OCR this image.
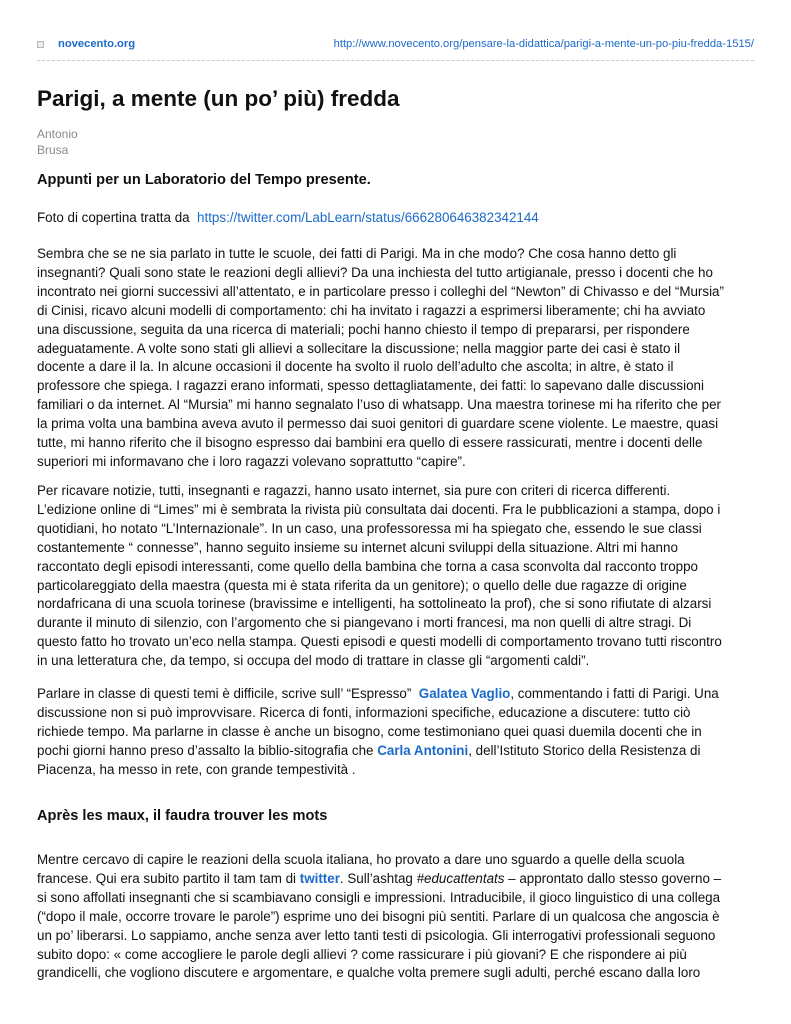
novecento.org	http://www.novecento.org/pensare-la-didattica/parigi-a-mente-un-po-piu-fredda-1515/
Parigi, a mente (un po’ più) fredda
Antonio
Brusa
Appunti per un Laboratorio del Tempo presente.

Foto di copertina tratta da https://twitter.com/LabLearn/status/666280646382342144

Sembra che se ne sia parlato in tutte le scuole, dei fatti di Parigi. Ma in che modo? Che cosa hanno detto gli
insegnanti? Quali sono state le reazioni degli allievi? Da una inchiesta del tutto artigianale, presso i docenti che ho
incontrato nei giorni successivi all’attentato, e in particolare presso i colleghi del “Newton” di Chivasso e del “Mursia”
di Cinisi, ricavo alcuni modelli di comportamento: chi ha invitato i ragazzi a esprimersi liberamente; chi ha avviato
una discussione, seguita da una ricerca di materiali; pochi hanno chiesto il tempo di prepararsi, per rispondere
adeguatamente. A volte sono stati gli allievi a sollecitare la discussione; nella maggior parte dei casi è stato il
docente a dare il la. In alcune occasioni il docente ha svolto il ruolo dell’adulto che ascolta; in altre, è stato il
professore che spiega. I ragazzi erano informati, spesso dettagliatamente, dei fatti: lo sapevano dalle discussioni
familiari o da internet. Al “Mursia” mi hanno segnalato l’uso di whatsapp. Una maestra torinese mi ha riferito che per
la prima volta una bambina aveva avuto il permesso dai suoi genitori di guardare scene violente. Le maestre, quasi
tutte, mi hanno riferito che il bisogno espresso dai bambini era quello di essere rassicurati, mentre i docenti delle
superiori mi informavano che i loro ragazzi volevano soprattutto “capire”.

Per ricavare notizie, tutti, insegnanti e ragazzi, hanno usato internet, sia pure con criteri di ricerca differenti.
L’edizione online di “Limes” mi è sembrata la rivista più consultata dai docenti. Fra le pubblicazioni a stampa, dopo i
quotidiani, ho notato “L’Internazionale”. In un caso, una professoressa mi ha spiegato che, essendo le sue classi
costantemente “ connesse”, hanno seguito insieme su internet alcuni sviluppi della situazione. Altri mi hanno
raccontato degli episodi interessanti, come quello della bambina che torna a casa sconvolta dal racconto troppo
particolareggiato della maestra (questa mi è stata riferita da un genitore); o quello delle due ragazze di origine
nordafricana di una scuola torinese (bravissime e intelligenti, ha sottolineato la prof), che si sono rifiutate di alzarsi
durante il minuto di silenzio, con l’argomento che si piangevano i morti francesi, ma non quelli di altre stragi. Di
questo fatto ho trovato un’eco nella stampa. Questi episodi e questi modelli di comportamento trovano tutti riscontro
in una letteratura che, da tempo, si occupa del modo di trattare in classe gli “argomenti caldi”.

Parlare in classe di questi temi è difficile, scrive sull’ “Espresso” Galatea Vaglio, commentando i fatti di Parigi. Una
discussione non si può improvvisare. Ricerca di fonti, informazioni specifiche, educazione a discutere: tutto ciò
richiede tempo. Ma parlarne in classe è anche un bisogno, come testimoniano quei quasi duemila docenti che in
pochi giorni hanno preso d’assalto la biblio-sitografia che Carla Antonini, dell’Istituto Storico della Resistenza di
Piacenza, ha messo in rete, con grande tempestività .

Après les maux, il faudra trouver les mots

Mentre cercavo di capire le reazioni della scuola italiana, ho provato a dare uno sguardo a quelle della scuola
francese. Qui era subito partito il tam tam di twitter. Sull’ashtag #educattentats – approntato dallo stesso governo –
si sono affollati insegnanti che si scambiavano consigli e impressioni. Intraducibile, il gioco linguistico di una collega
(“dopo il male, occorre trovare le parole”) esprime uno dei bisogni più sentiti. Parlare di un qualcosa che angoscia è
un po’ liberarsi. Lo sappiamo, anche senza aver letto tanti testi di psicologia. Gli interrogativi professionali seguono
subito dopo: « come accogliere le parole degli allievi ? come rassicurare i più giovani? E che rispondere ai più
grandicelli, che vogliono discutere e argomentare, e qualche volta premere sugli adulti, perché escano dalla loro
